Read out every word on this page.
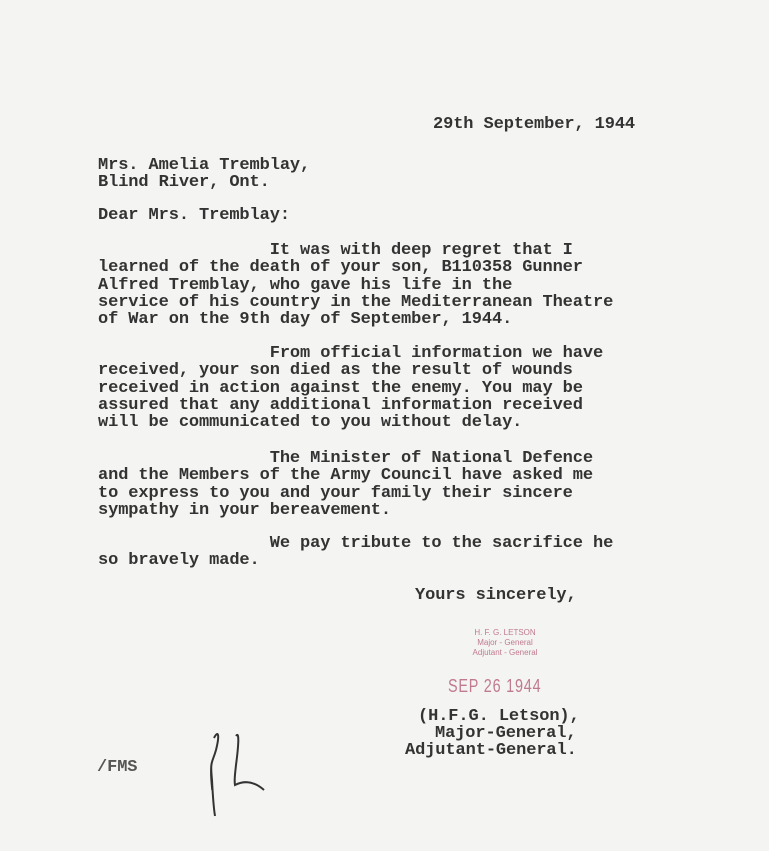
29th September, 1944
Mrs. Amelia Tremblay,
Blind River, Ont.
Dear Mrs. Tremblay:
It was with deep regret that I
learned of the death of your son, B110358 Gunner
Alfred Tremblay, who gave his life in the
service of his country in the Mediterranean Theatre
of War on the 9th day of September, 1944.
From official information we have
received, your son died as the result of wounds
received in action against the enemy. You may be
assured that any additional information received
will be communicated to you without delay.
The Minister of National Defence
and the Members of the Army Council have asked me
to express to you and your family their sincere
sympathy in your bereavement.
We pay tribute to the sacrifice he
so bravely made.
Yours sincerely,
H. F. G. LETSON
Major - General
Adjutant - General
SEP 26 1944
(H.F.G. Letson),
Major-General,
Adjutant-General.
/FMS
